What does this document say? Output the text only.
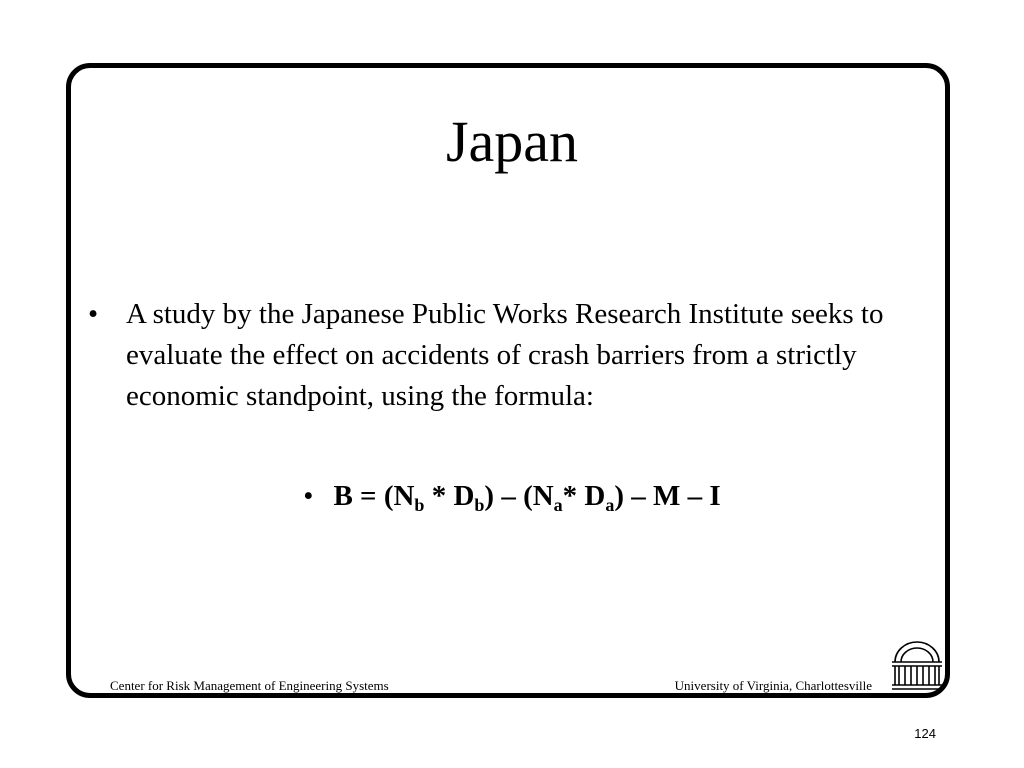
Japan
• A study by the Japanese Public Works Research Institute seeks to evaluate the effect on accidents of crash barriers from a strictly economic standpoint, using the formula:
• $B = (N_b * D_b) - (N_a*$ $D_a$) – M – I
Center for Risk Management of Engineering Systems	University of Virginia, Charlottesville
124
